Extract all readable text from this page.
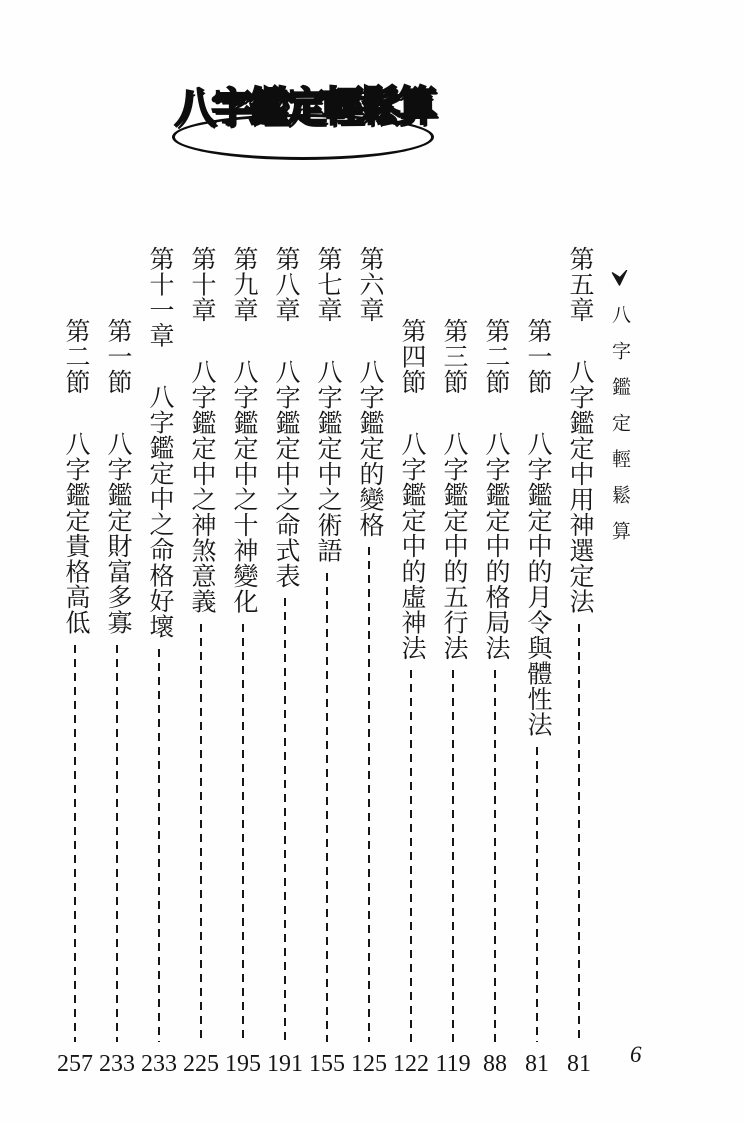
八字鑑定輕鬆算
八字鑑定輕鬆算
第五章八字鑑定中用神選定法
81
第一節八字鑑定中的月令與體性法
81
第二節八字鑑定中的格局法
88
第三節八字鑑定中的五行法
119
第四節八字鑑定中的虛神法
122
第六章八字鑑定的變格
125
第七章八字鑑定中之術語
155
第八章八字鑑定中之命式表
191
第九章八字鑑定中之十神變化
195
第十章八字鑑定中之神煞意義
225
第十一章八字鑑定中之命格好壞
233
第一節八字鑑定財富多寡
233
第二節八字鑑定貴格高低
257	6
